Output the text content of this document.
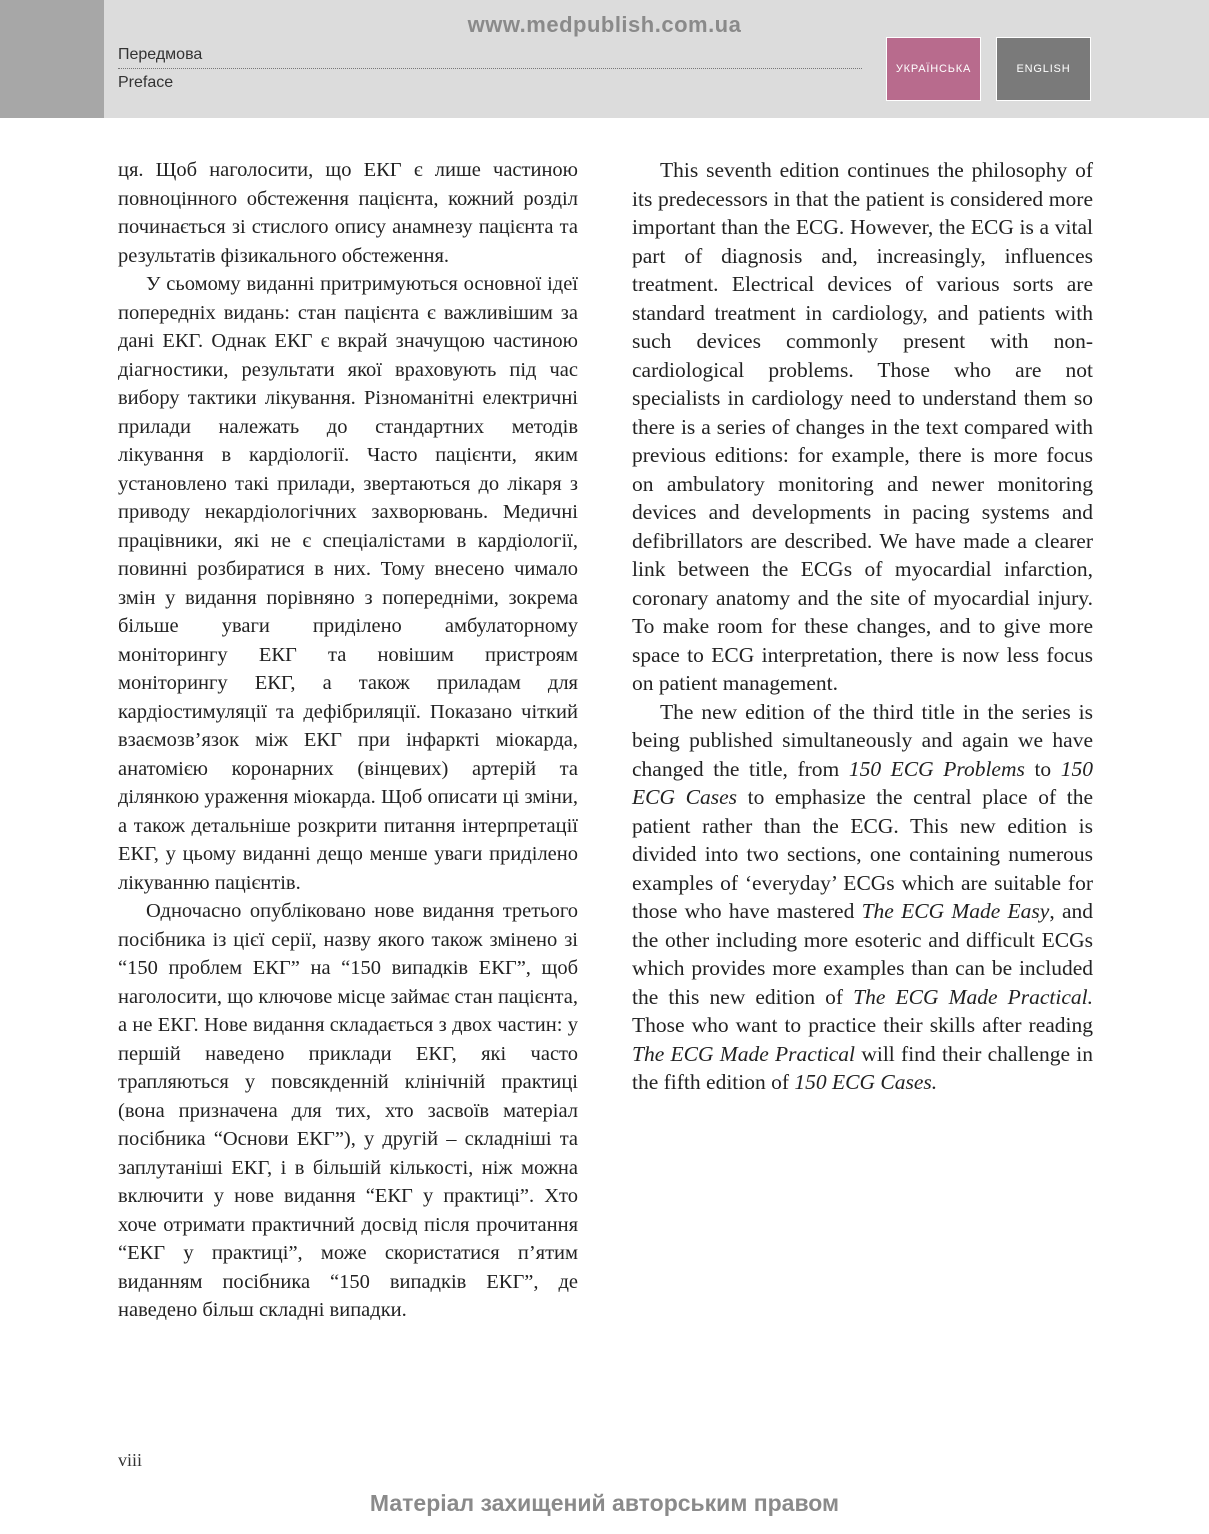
www.medpublish.com.ua
Передмова
Preface
УКРАЇНСЬКА	ENGLISH

ця. Щоб наголосити, що ЕКГ є лише частиною повноцінного обстеження пацієнта, кожний розділ починається зі стислого опису анамнезу пацієнта та результатів фізикального обстеження.

У сьомому виданні притримуються основної ідеї попередніх видань: стан пацієнта є важливішим за дані ЕКГ. Однак ЕКГ є вкрай значущою частиною діагностики, результати якої враховують під час вибору тактики лікування. Різноманітні електричні прилади належать до стандартних методів лікування в кардіології. Часто пацієнти, яким установлено такі прилади, звертаються до лікаря з приводу некардіологічних захворювань. Медичні працівники, які не є спеціалістами в кардіології, повинні розбиратися в них. Тому внесено чимало змін у видання порівняно з попередніми, зокрема більше уваги приділено амбулаторному моніторингу ЕКГ та новішим пристроям моніторингу ЕКГ, а також приладам для кардіостимуляції та дефібриляції. Показано чіткий взаємозв’язок між ЕКГ при інфаркті міокарда, анатомією коронарних (вінцевих) артерій та ділянкою ураження міокарда. Щоб описати ці зміни, а також детальніше розкрити питання інтерпретації ЕКГ, у цьому виданні дещо менше уваги приділено лікуванню пацієнтів.

Одночасно опубліковано нове видання третього посібника із цієї серії, назву якого також змінено зі “150 проблем ЕКГ” на “150 випадків ЕКГ”, щоб наголосити, що ключове місце займає стан пацієнта, а не ЕКГ. Нове видання складається з двох частин: у першій наведено приклади ЕКГ, які часто трапляються у повсякденній клінічній практиці (вона призначена для тих, хто засвоїв матеріал посібника “Основи ЕКГ”), у другій – складніші та заплутаніші ЕКГ, і в більшій кількості, ніж можна включити у нове видання “ЕКГ у практиці”. Хто хоче отримати практичний досвід після прочитання “ЕКГ у практиці”, може скористатися п’ятим виданням посібника “150 випадків ЕКГ”, де наведено більш складні випадки.

This seventh edition continues the philosophy of its predecessors in that the patient is considered more important than the ECG. However, the ECG is a vital part of diagnosis and, increasingly, influences treatment. Electrical devices of various sorts are standard treatment in cardiology, and patients with such devices commonly present with non-cardiological problems. Those who are not specialists in cardiology need to understand them so there is a series of changes in the text compared with previous editions: for example, there is more focus on ambulatory monitoring and newer monitoring devices and developments in pacing systems and defibrillators are described. We have made a clearer link between the ECGs of myocardial infarction, coronary anatomy and the site of myocardial injury. To make room for these changes, and to give more space to ECG interpretation, there is now less focus on patient management.

The new edition of the third title in the series is being published simultaneously and again we have changed the title, from 150 ECG Problems to 150 ECG Cases to emphasize the central place of the patient rather than the ECG. This new edition is divided into two sections, one containing numerous examples of ‘everyday’ ECGs which are suitable for those who have mastered The ECG Made Easy, and the other including more esoteric and difficult ECGs which provides more examples than can be included the this new edition of The ECG Made Practical. Those who want to practice their skills after reading The ECG Made Practical will find their challenge in the fifth edition of 150 ECG Cases.

viii
Матеріал захищений авторським правом
